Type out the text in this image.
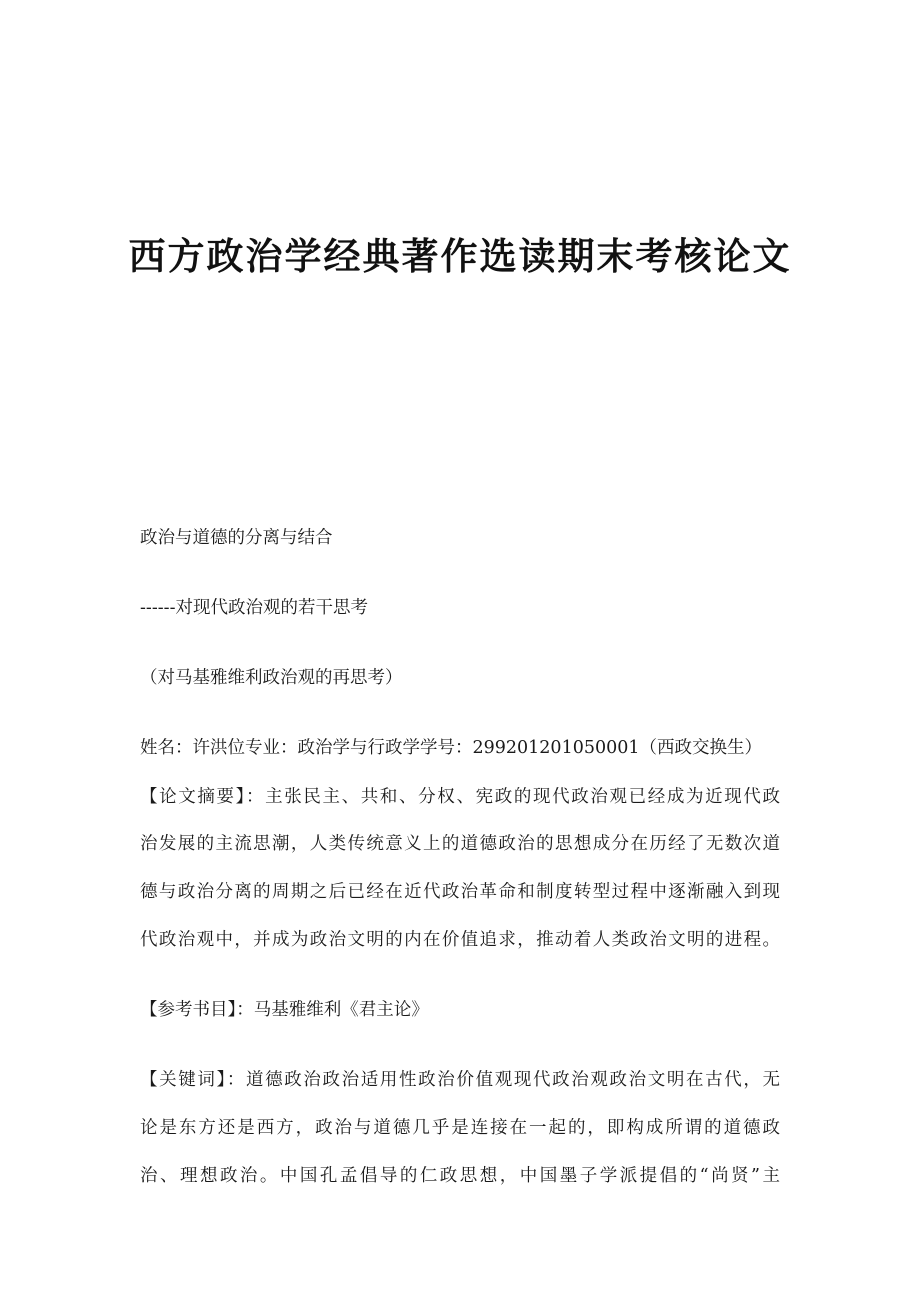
西方政治学经典著作选读期末考核论文
政治与道德的分离与结合
------对现代政治观的若干思考
（对马基雅维利政治观的再思考）
姓名：许洪位专业：政治学与行政学学号：299201201050001（西政交换生）
【论文摘要】：主张民主、共和、分权、宪政的现代政治观已经成为近现代政
治发展的主流思潮，人类传统意义上的道德政治的思想成分在历经了无数次道
德与政治分离的周期之后已经在近代政治革命和制度转型过程中逐渐融入到现
代政治观中，并成为政治文明的内在价值追求，推动着人类政治文明的进程。
【参考书目】：马基雅维利《君主论》
【关键词】：道德政治政治适用性政治价值观现代政治观政治文明在古代，无
论是东方还是西方，政治与道德几乎是连接在一起的，即构成所谓的道德政
治、理想政治。中国孔孟倡导的仁政思想，中国墨子学派提倡的“尚贤”主
